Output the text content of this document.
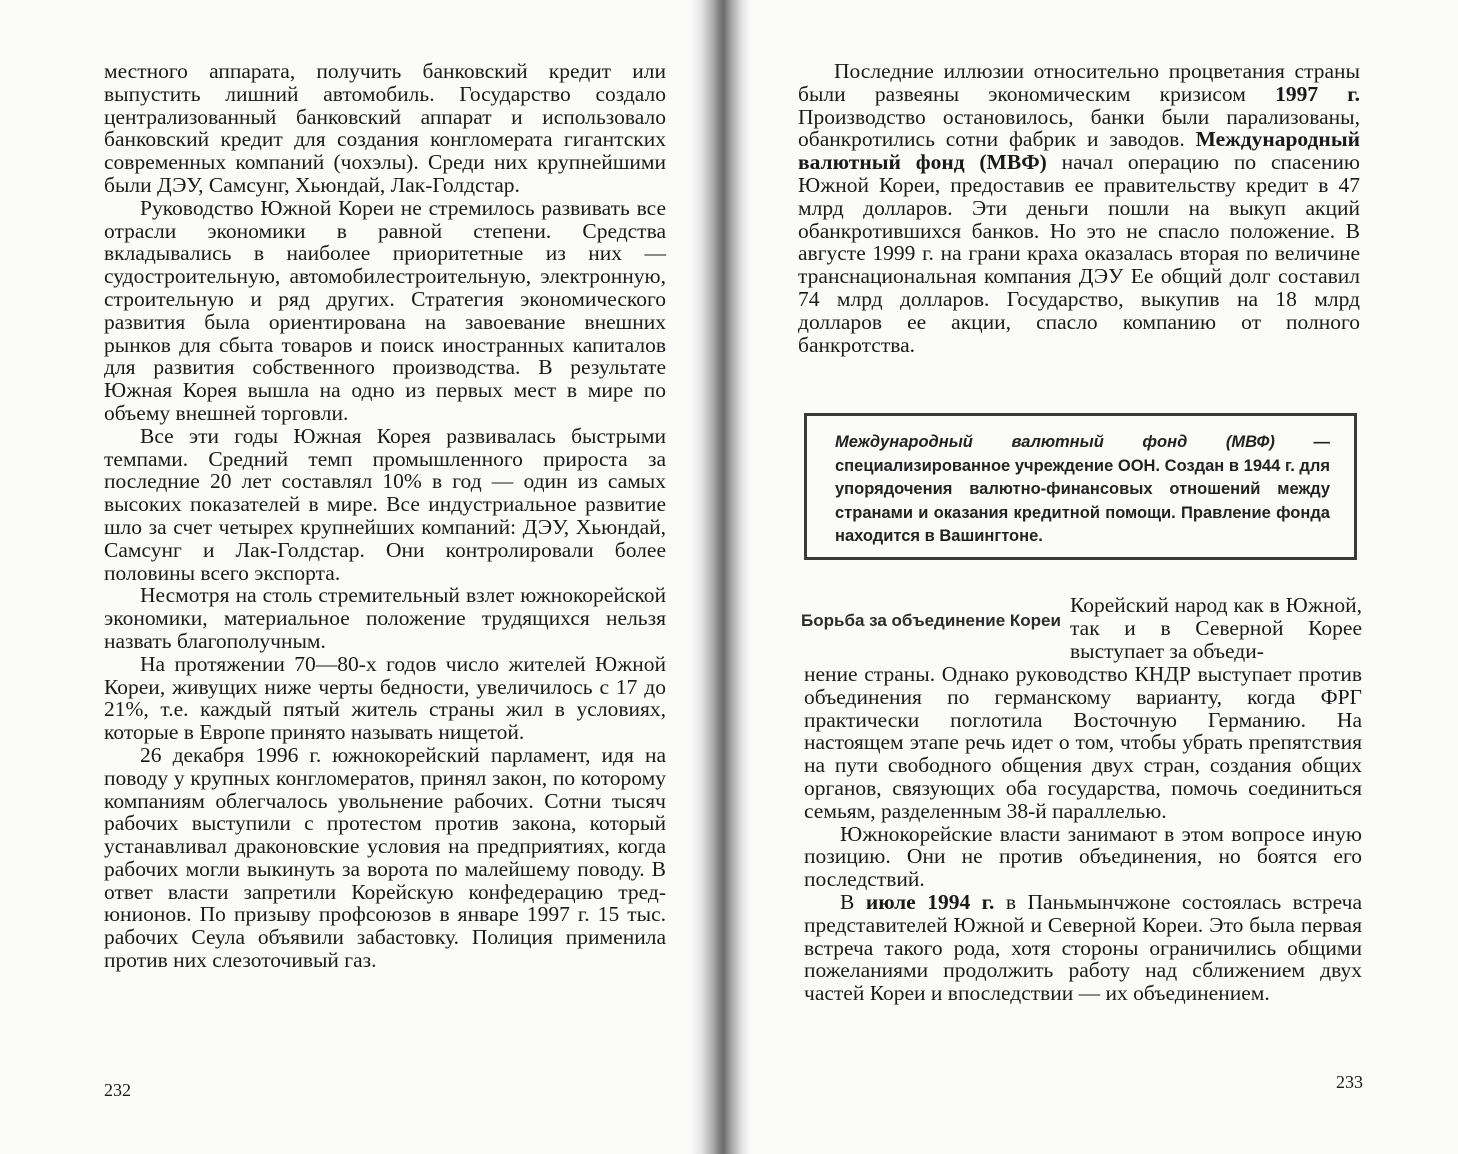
местного аппарата, получить банковский кредит или выпустить лишний автомобиль. Государство создало централизованный банковский аппарат и использовало банковский кредит для создания конгломерата гигантских современных компаний (чохэлы). Среди них крупнейшими были ДЭУ, Самсунг, Хьюндай, Лак-Голдстар.

Руководство Южной Кореи не стремилось развивать все отрасли экономики в равной степени. Средства вкладывались в наиболее приоритетные из них — судостроительную, автомобилестроительную, электронную, строительную и ряд других. Стратегия экономического развития была ориентирована на завоевание внешних рынков для сбыта товаров и поиск иностранных капиталов для развития собственного производства. В результате Южная Корея вышла на одно из первых мест в мире по объему внешней торговли.

Все эти годы Южная Корея развивалась быстрыми темпами. Средний темп промышленного прироста за последние 20 лет составлял 10% в год — один из самых высоких показателей в мире. Все индустриальное развитие шло за счет четырех крупнейших компаний: ДЭУ, Хьюндай, Самсунг и Лак-Голдстар. Они контролировали более половины всего экспорта.

Несмотря на столь стремительный взлет южнокорейской экономики, материальное положение трудящихся нельзя назвать благополучным.

На протяжении 70—80-х годов число жителей Южной Кореи, живущих ниже черты бедности, увеличилось с 17 до 21%, т.е. каждый пятый житель страны жил в условиях, которые в Европе принято называть нищетой.

26 декабря 1996 г. южнокорейский парламент, идя на поводу у крупных конгломератов, принял закон, по которому компаниям облегчалось увольнение рабочих. Сотни тысяч рабочих выступили с протестом против закона, который устанавливал драконовские условия на предприятиях, когда рабочих могли выкинуть за ворота по малейшему поводу. В ответ власти запретили Корейскую конфедерацию тред-юнионов. По призыву профсоюзов в январе 1997 г. 15 тыс. рабочих Сеула объявили забастовку. Полиция применила против них слезоточивый газ.

232

Последние иллюзии относительно процветания страны были развеяны экономическим кризисом 1997 г. Производство остановилось, банки были парализованы, обанкротились сотни фабрик и заводов. Международный валютный фонд (МВФ) начал операцию по спасению Южной Кореи, предоставив ее правительству кредит в 47 млрд долларов. Эти деньги пошли на выкуп акций обанкротившихся банков. Но это не спасло положение. В августе 1999 г. на грани краха оказалась вторая по величине транснациональная компания ДЭУ Ее общий долг составил 74 млрд долларов. Государство, выкупив на 18 млрд долларов ее акции, спасло компанию от полного банкротства.

Международный валютный фонд (МВФ) — специализированное учреждение ООН. Создан в 1944 г. для упорядочения валютно-финансовых отношений между странами и оказания кредитной помощи. Правление фонда находится в Вашингтоне.
Борьба за объединение Кореи

Корейский народ как в Южной, так и в Северной Корее выступает за объеди-

нение страны. Однако руководство КНДР выступает против объединения по германскому варианту, когда ФРГ практически поглотила Восточную Германию. На настоящем этапе речь идет о том, чтобы убрать препятствия на пути свободного общения двух стран, создания общих органов, связующих оба государства, помочь соединиться семьям, разделенным 38-й параллелью.

Южнокорейские власти занимают в этом вопросе иную позицию. Они не против объединения, но боятся его последствий.

В июле 1994 г. в Паньмынчжоне состоялась встреча представителей Южной и Северной Кореи. Это была первая встреча такого рода, хотя стороны ограничились общими пожеланиями продолжить работу над сближением двух частей Кореи и впоследствии — их объединением.

233
